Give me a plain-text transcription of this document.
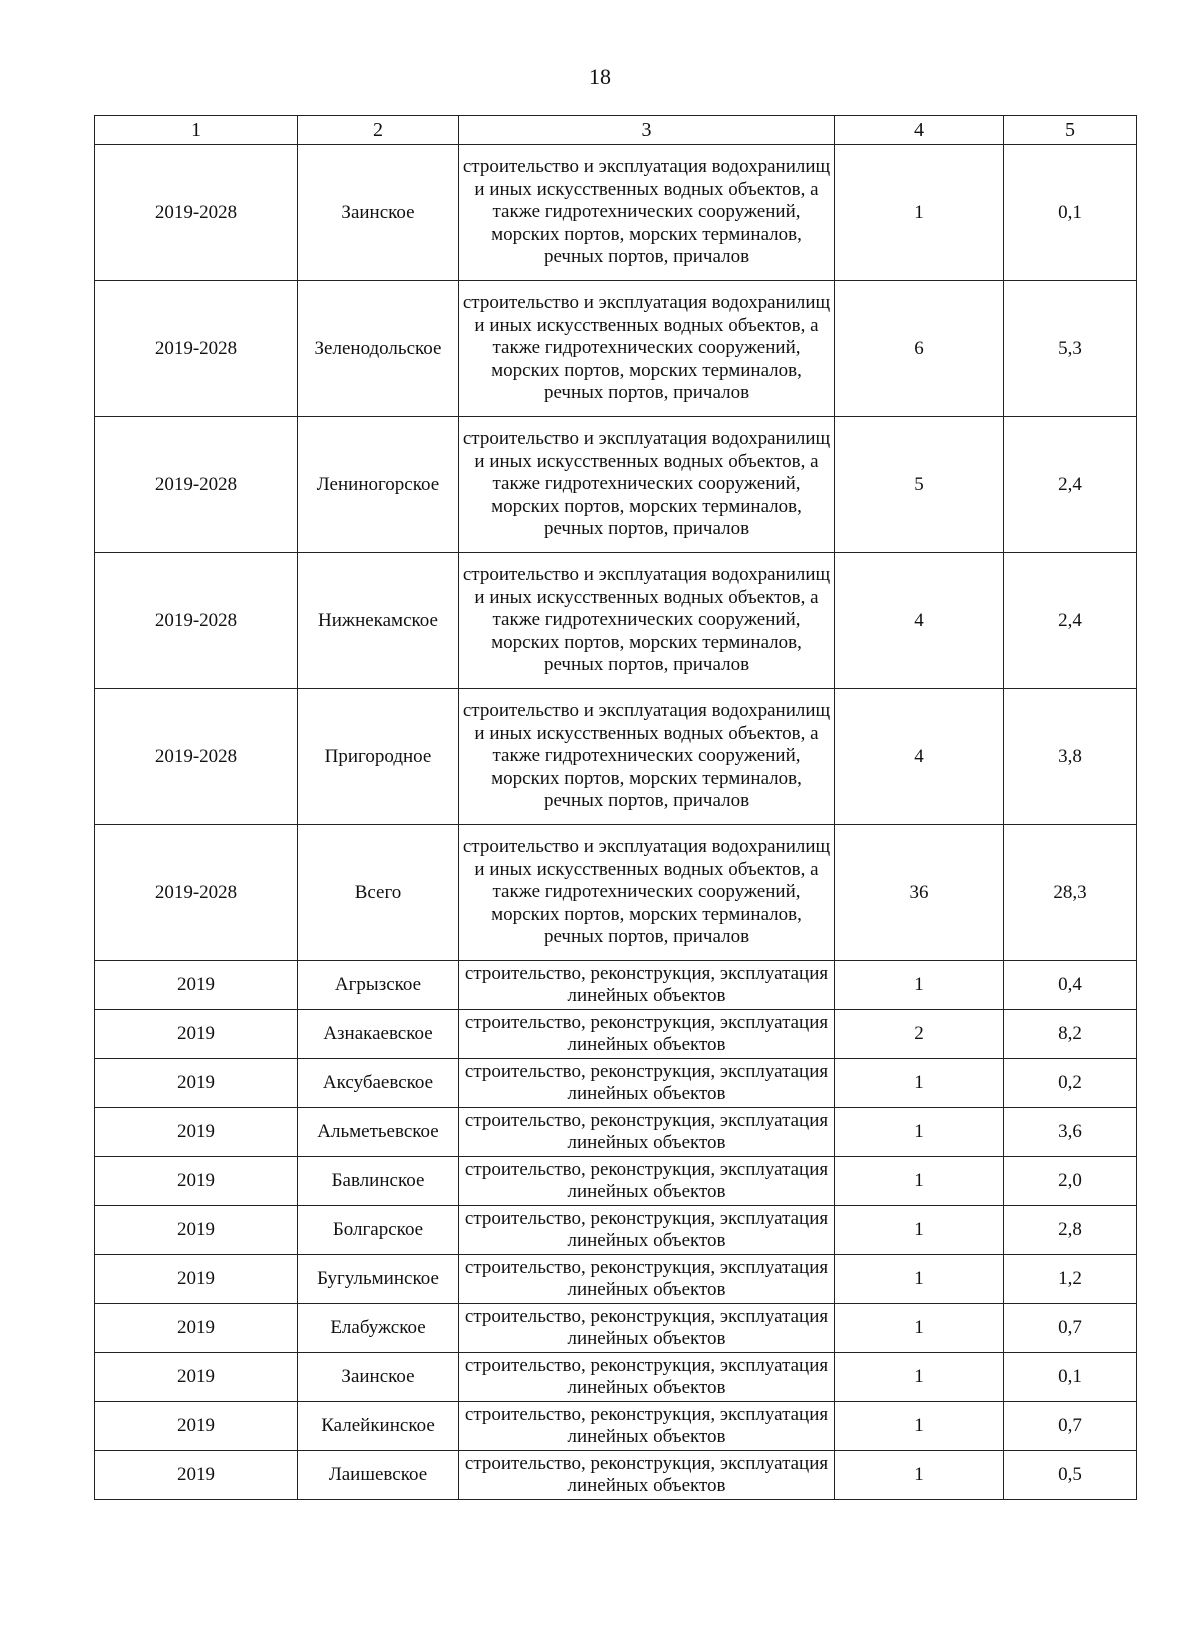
18
1	2	3	4	5
2019-2028	Заинское	строительство и эксплуатация водохранилищ и иных искусственных водных объектов, а также гидротехнических сооружений, морских портов, морских терминалов, речных портов, причалов	1	0,1
2019-2028	Зеленодольское	строительство и эксплуатация водохранилищ и иных искусственных водных объектов, а также гидротехнических сооружений, морских портов, морских терминалов, речных портов, причалов	6	5,3
2019-2028	Лениногорское	строительство и эксплуатация водохранилищ и иных искусственных водных объектов, а также гидротехнических сооружений, морских портов, морских терминалов, речных портов, причалов	5	2,4
2019-2028	Нижнекамское	строительство и эксплуатация водохранилищ и иных искусственных водных объектов, а также гидротехнических сооружений, морских портов, морских терминалов, речных портов, причалов	4	2,4
2019-2028	Пригородное	строительство и эксплуатация водохранилищ и иных искусственных водных объектов, а также гидротехнических сооружений, морских портов, морских терминалов, речных портов, причалов	4	3,8
2019-2028	Всего	строительство и эксплуатация водохранилищ и иных искусственных водных объектов, а также гидротехнических сооружений, морских портов, морских терминалов, речных портов, причалов	36	28,3
2019	Агрызское	строительство, реконструкция, эксплуатация линейных объектов	1	0,4
2019	Азнакаевское	строительство, реконструкция, эксплуатация линейных объектов	2	8,2
2019	Аксубаевское	строительство, реконструкция, эксплуатация линейных объектов	1	0,2
2019	Альметьевское	строительство, реконструкция, эксплуатация линейных объектов	1	3,6
2019	Бавлинское	строительство, реконструкция, эксплуатация линейных объектов	1	2,0
2019	Болгарское	строительство, реконструкция, эксплуатация линейных объектов	1	2,8
2019	Бугульминское	строительство, реконструкция, эксплуатация линейных объектов	1	1,2
2019	Елабужское	строительство, реконструкция, эксплуатация линейных объектов	1	0,7
2019	Заинское	строительство, реконструкция, эксплуатация линейных объектов	1	0,1
2019	Калейкинское	строительство, реконструкция, эксплуатация линейных объектов	1	0,7
2019	Лаишевское	строительство, реконструкция, эксплуатация линейных объектов	1	0,5
